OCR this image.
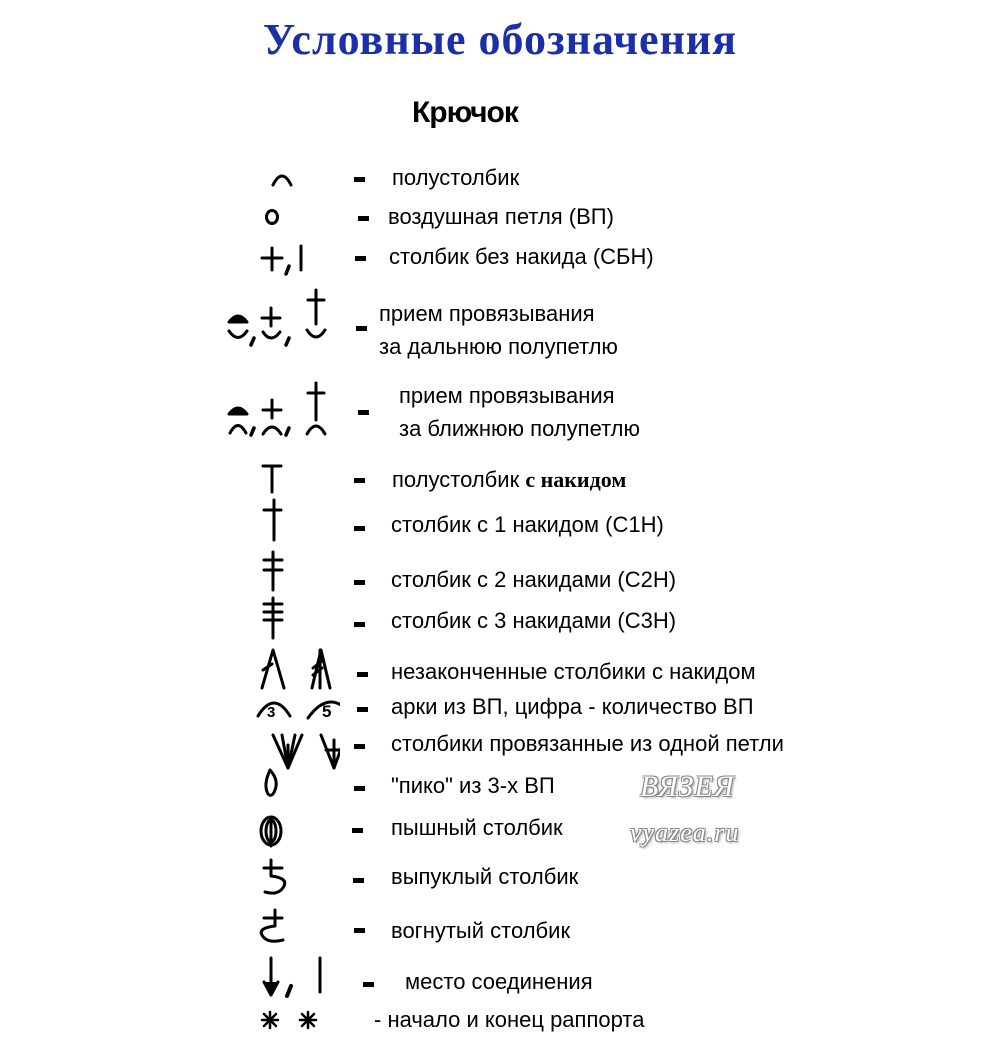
Условные обозначения
Крючок
3	5
полустолбик
воздушная петля (ВП)
столбик без накида (СБН)
прием провязывания
за дальнюю полупетлю
прием провязывания
за ближнюю полупетлю
полустолбик с накидом
столбик с 1 накидом (С1Н)
столбик с 2 накидами (С2Н)
столбик с 3 накидами (С3Н)
незаконченные столбики с накидом
арки из ВП, цифра - количество ВП
столбики провязанные из одной петли
"пико" из 3-х ВП
пышный столбик
выпуклый столбик
вогнутый столбик
место соединения
- начало и конец раппорта
ВЯЗЕЯ
vyazea.ru
